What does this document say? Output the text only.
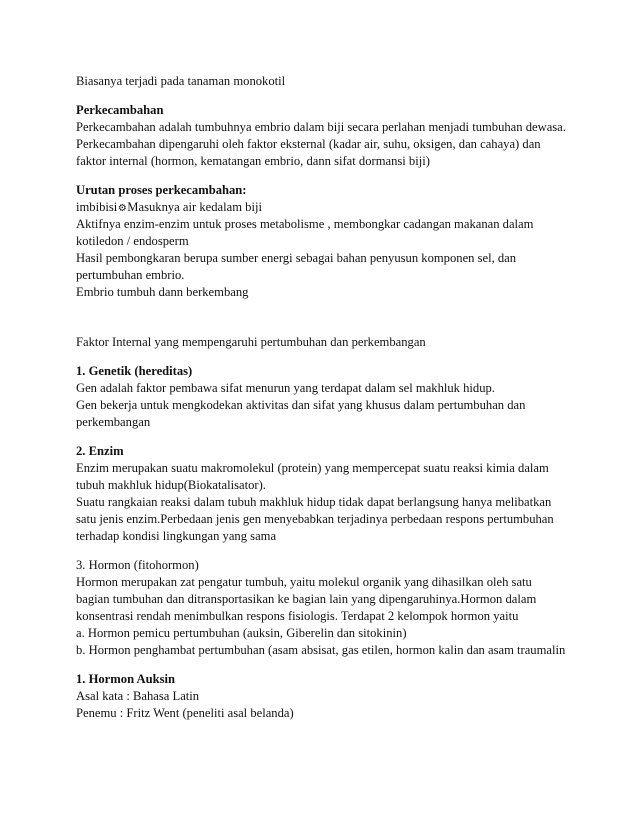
Biasanya terjadi pada tanaman monokotil
Perkecambahan
Perkecambahan adalah tumbuhnya embrio dalam biji secara perlahan menjadi tumbuhan dewasa.
Perkecambahan dipengaruhi oleh faktor eksternal (kadar air, suhu, oksigen, dan cahaya) dan
faktor internal (hormon, kematangan embrio, dann sifat dormansi biji)
Urutan proses perkecambahan:
imbibisi⚙Masuknya air kedalam biji
Aktifnya enzim-enzim untuk proses metabolisme , membongkar cadangan makanan dalam
kotiledon / endosperm
Hasil pembongkaran berupa sumber energi sebagai bahan penyusun komponen sel, dan
pertumbuhan embrio.
Embrio tumbuh dann berkembang
Faktor Internal yang mempengaruhi pertumbuhan dan perkembangan
1. Genetik (hereditas)
Gen adalah faktor pembawa sifat menurun yang terdapat dalam sel makhluk hidup.
Gen bekerja untuk mengkodekan aktivitas dan sifat yang khusus dalam pertumbuhan dan
perkembangan
2. Enzim
Enzim merupakan suatu makromolekul (protein) yang mempercepat suatu reaksi kimia dalam
tubuh makhluk hidup(Biokatalisator).
Suatu rangkaian reaksi dalam tubuh makhluk hidup tidak dapat berlangsung hanya melibatkan
satu jenis enzim.Perbedaan jenis gen menyebabkan terjadinya perbedaan respons pertumbuhan
terhadap kondisi lingkungan yang sama
3. Hormon (fitohormon)
Hormon merupakan zat pengatur tumbuh, yaitu molekul organik yang dihasilkan oleh satu
bagian tumbuhan dan ditransportasikan ke bagian lain yang dipengaruhinya.Hormon dalam
konsentrasi rendah menimbulkan respons fisiologis. Terdapat 2 kelompok hormon yaitu
a. Hormon pemicu pertumbuhan (auksin, Giberelin dan sitokinin)
b. Hormon penghambat pertumbuhan (asam absisat, gas etilen, hormon kalin dan asam traumalin
1. Hormon Auksin
Asal kata : Bahasa Latin
Penemu : Fritz Went (peneliti asal belanda)
